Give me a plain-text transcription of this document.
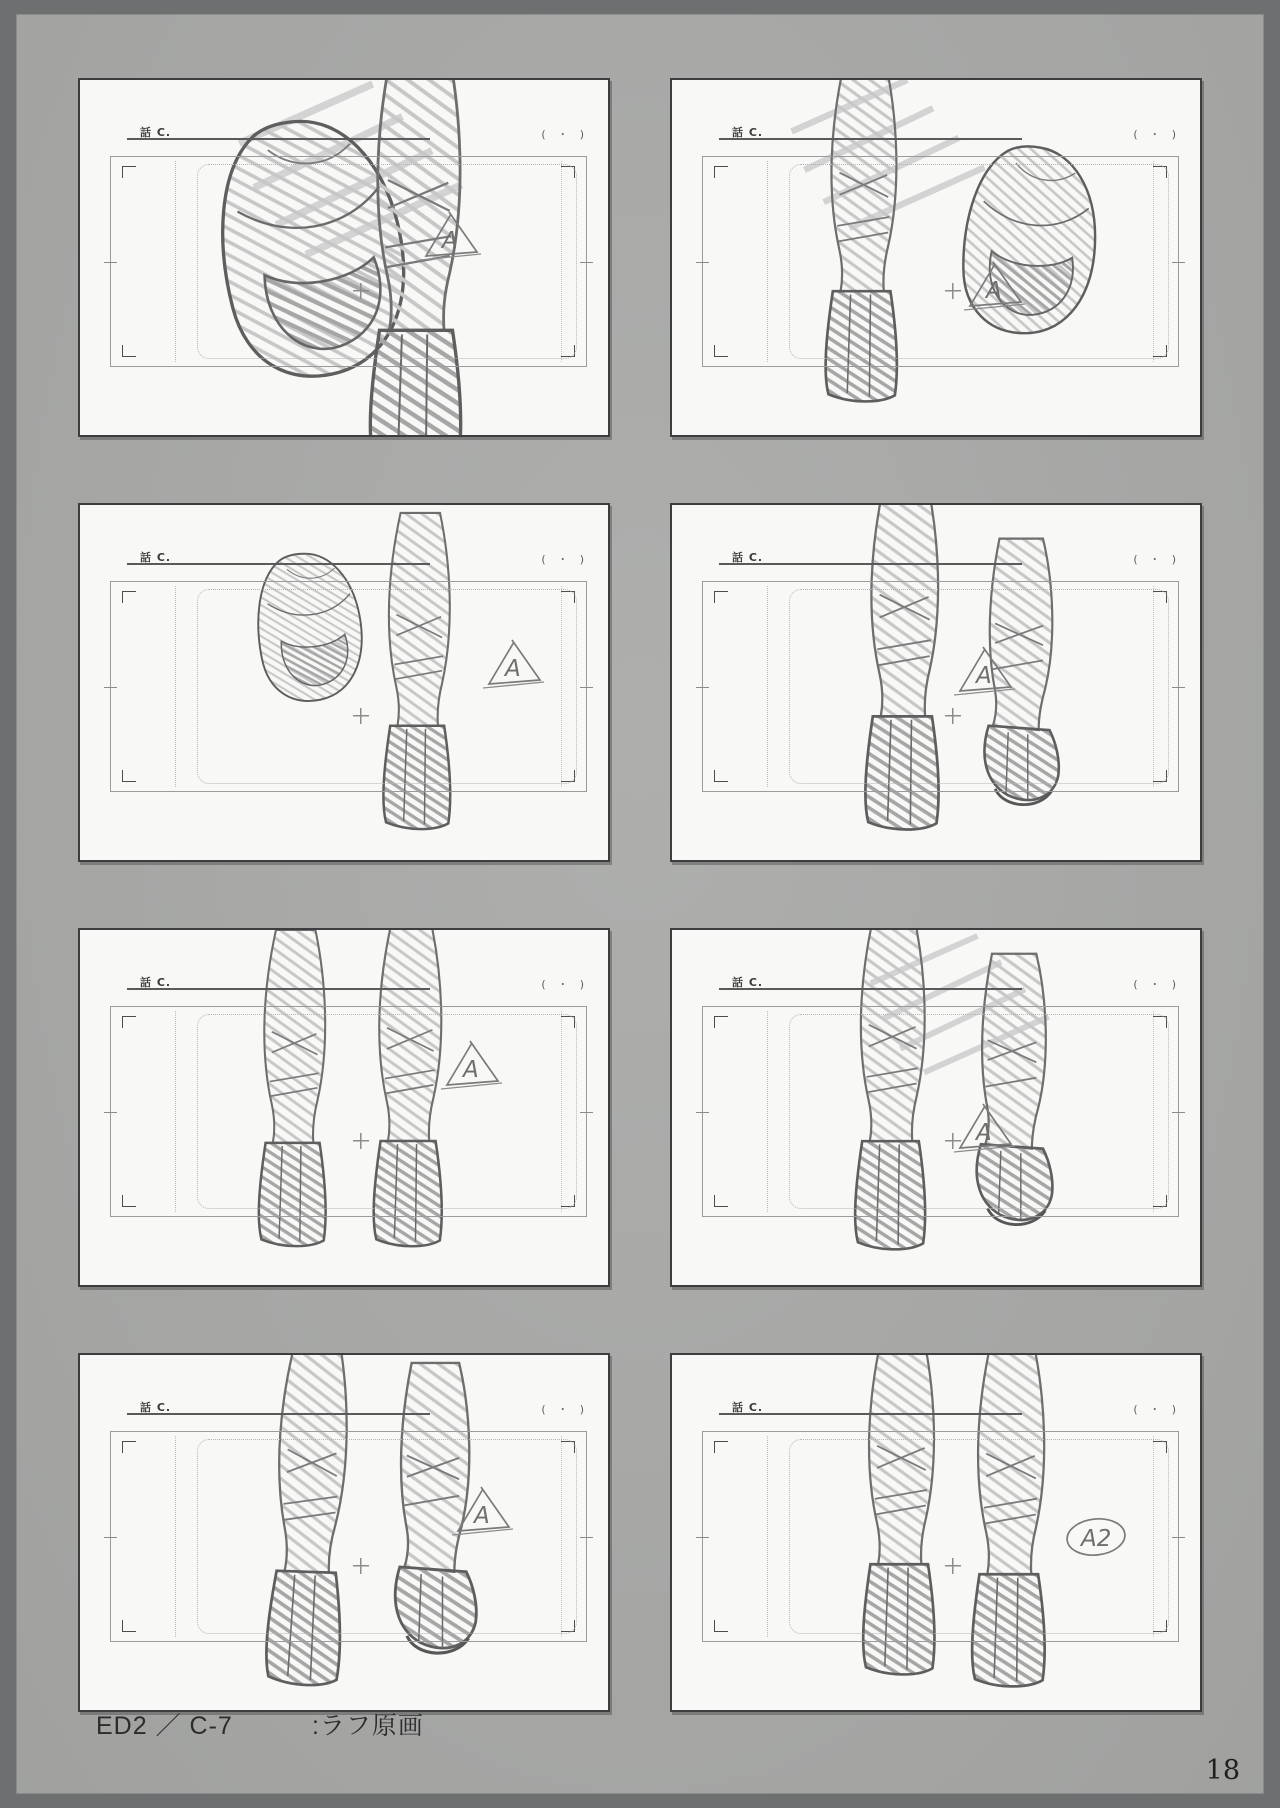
話 C.	( ・ )
A
話 C.	( ・ )
A
話 C.	( ・ )
A
話 C.	( ・ )
A
話 C.	( ・ )
A
話 C.	( ・ )
A
話 C.	( ・ )
A
話 C.	( ・ )
A2
ED2 ／ C-7	:ラフ原画
18
